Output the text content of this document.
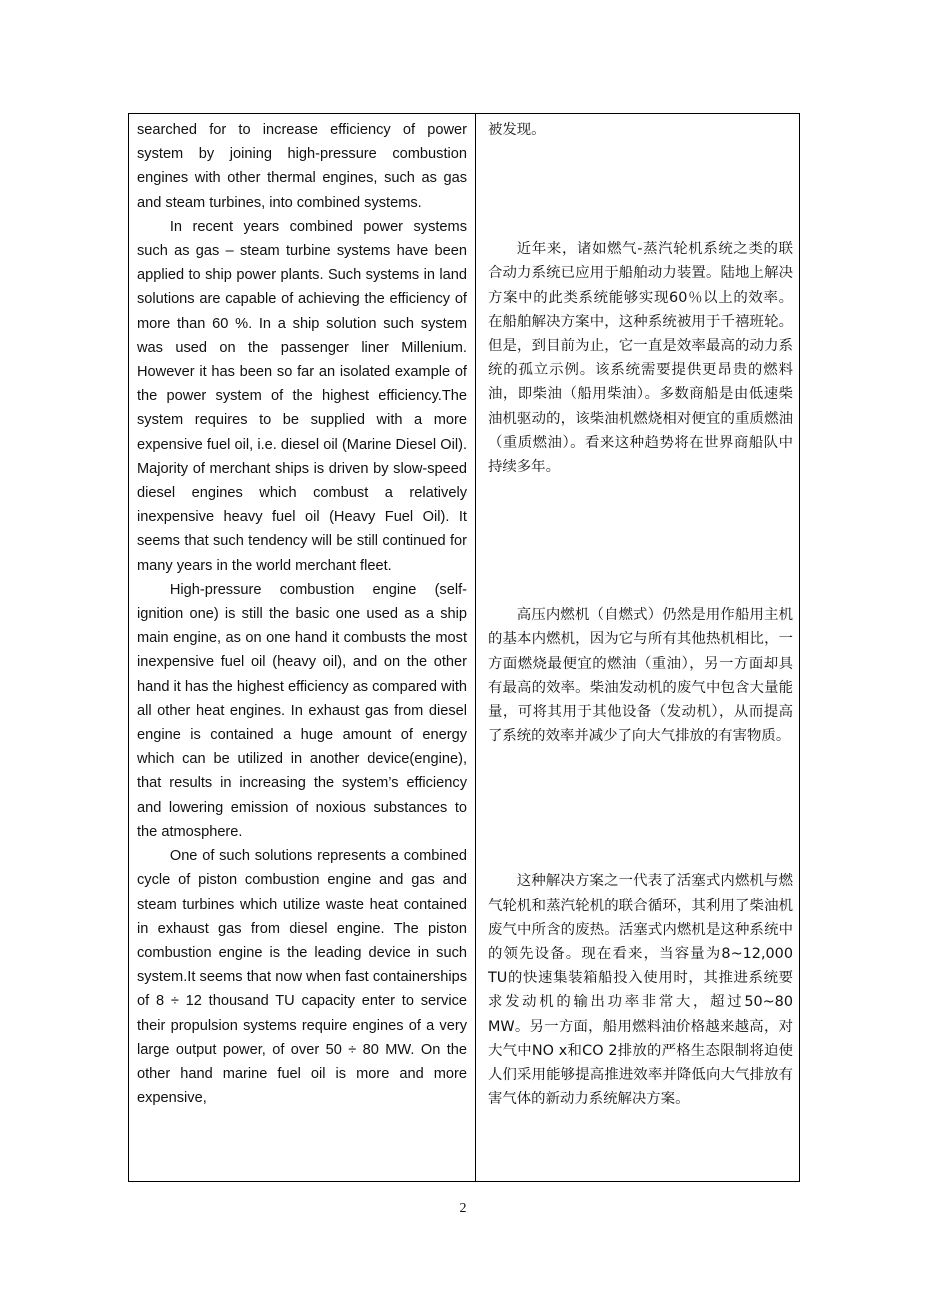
searched for to increase efficiency of power system by joining high-pressure combustion engines with other thermal engines, such as gas and steam turbines, into combined systems.

In recent years combined power systems such as gas – steam turbine systems have been applied to ship power plants. Such systems in land solutions are capable of achieving the efficiency of more than 60 %. In a ship solution such system was used on the passenger liner Millenium. However it has been so far an isolated example of the power system of the highest efficiency.The system requires to be supplied with a more expensive fuel oil, i.e. diesel oil (Marine Diesel Oil). Majority of merchant ships is driven by slow-speed diesel engines which combust a relatively inexpensive heavy fuel oil (Heavy Fuel Oil). It seems that such tendency will be still continued for many years in the world merchant fleet.

High-pressure combustion engine (self-ignition one) is still the basic one used as a ship main engine, as on one hand it combusts the most inexpensive fuel oil (heavy oil), and on the other hand it has the highest efficiency as compared with all other heat engines. In exhaust gas from diesel engine is contained a huge amount of energy which can be utilized in another device(engine), that results in increasing the system’s efficiency and lowering emission of noxious substances to the atmosphere.

One of such solutions represents a combined cycle of piston combustion engine and gas and steam turbines which utilize waste heat contained in exhaust gas from diesel engine. The piston combustion engine is the leading device in such system.It seems that now when fast containerships of 8 ÷ 12 thousand TU capacity enter to service their propulsion systems require engines of a very large output power, of over 50 ÷ 80 MW. On the other hand marine fuel oil is more and more expensive,

被发现。

近年来，诸如燃气-蒸汽轮机系统之类的联合动力系统已应用于船舶动力装置。陆地上解决方案中的此类系统能够实现60％以上的效率。在船舶解决方案中，这种系统被用于千禧班轮。但是，到目前为止，它一直是效率最高的动力系统的孤立示例。该系统需要提供更昂贵的燃料油，即柴油（船用柴油）。多数商船是由低速柴油机驱动的，该柴油机燃烧相对便宜的重质燃油（重质燃油）。看来这种趋势将在世界商船队中持续多年。

高压内燃机（自燃式）仍然是用作船用主机的基本内燃机，因为它与所有其他热机相比，一方面燃烧最便宜的燃油（重油），另一方面却具有最高的效率。柴油发动机的废气中包含大量能量，可将其用于其他设备（发动机），从而提高了系统的效率并减少了向大气排放的有害物质。

这种解决方案之一代表了活塞式内燃机与燃气轮机和蒸汽轮机的联合循环，其利用了柴油机废气中所含的废热。活塞式内燃机是这种系统中的领先设备。现在看来，当容量为8~12,000 TU的快速集装箱船投入使用时，其推进系统要求发动机的输出功率非常大，超过50~80 MW。另一方面，船用燃料油价格越来越高，对大气中NO x和CO 2排放的严格生态限制将迫使人们采用能够提高推进效率并降低向大气排放有害气体的新动力系统解决方案。

2
